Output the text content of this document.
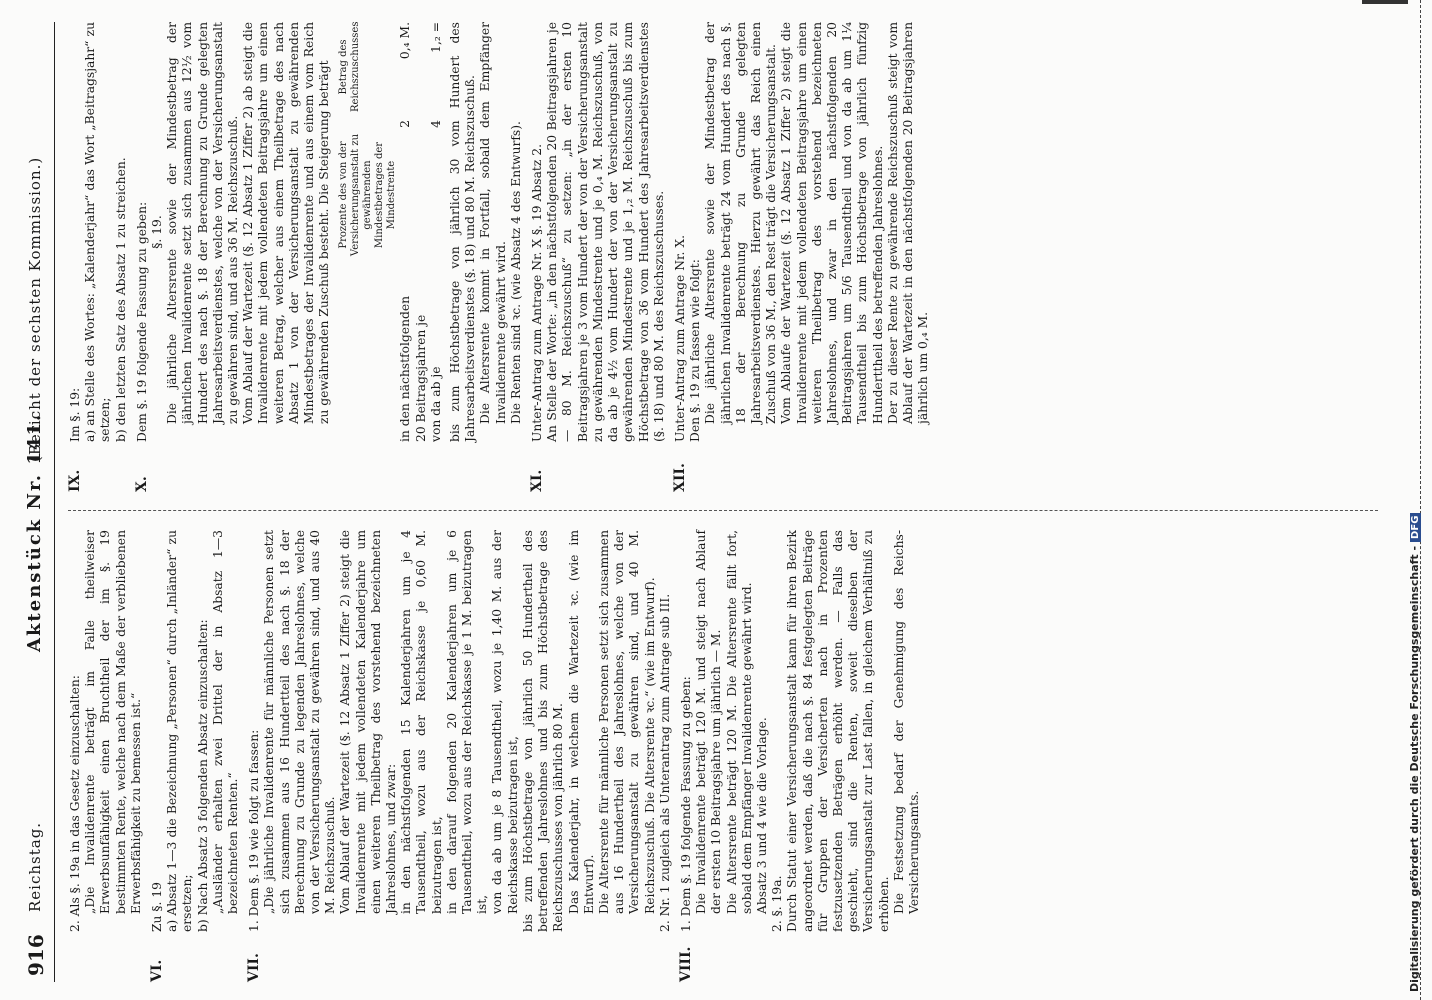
Digitalisierung gefördert durch die Deutsche Forschungsgemeinschaft -DFG
916
Reichstag.
Aktenstück Nr. 141.
(Bericht der sechsten Kommission.)
2. Als §. 19a in das Gesetz einzuschalten: „Die Invalidenrente beträgt im Falle theilweiser Erwerbsunfähigkeit einen Bruchtheil der im §. 19 bestimmten Rente, welche nach dem Maße der verbliebenen Erwerbsfähigkeit zu bemessen ist.“
VI.
Zu §. 19 a) Absatz 1—3 die Bezeichnung „Personen“ durch „Inländer“ zu ersetzen; b) Nach Absatz 3 folgenden Absatz einzuschalten: „Ausländer erhalten zwei Drittel der in Absatz 1—3 bezeichneten Renten.“
VII.
1. Dem §. 19 wie folgt zu fassen: „Die jährliche Invalidenrente für männliche Personen setzt sich zusammen aus 16 Hundertteil des nach §. 18 der Berechnung zu Grunde zu legenden Jahreslohnes, welche von der Versicherungsanstalt zu gewähren sind, und aus 40 M. Reichszuschuß. Vom Ablauf der Wartezeit (§. 12 Absatz 1 Ziffer 2) steigt die Invalidenrente mit jedem vollendeten Kalenderjahre um einen weiteren Theilbetrag des vorstehend bezeichneten Jahreslohnes, und zwar: in den nächstfolgenden 15 Kalenderjahren um je 4 Tausendtheil, wozu aus der Reichskasse je 0,60 M. beizutragen ist, in den darauf folgenden 20 Kalenderjahren um je 6 Tausendtheil, wozu aus der Reichskasse je 1 M. beizutragen ist, von da ab um je 8 Tausendtheil, wozu je 1,40 M. aus der Reichskasse beizutragen ist, bis zum Höchstbetrage von jährlich 50 Hundertheil des betreffenden Jahreslohnes und bis zum Höchstbetrage des Reichszuschusses von jährlich 80 M. Das Kalenderjahr, in welchem die Wartezeit ꝛc. (wie im Entwurf). Die Altersrente für männliche Personen setzt sich zusammen aus 16 Hundertheil des Jahreslohnes, welche von der Versicherungsanstalt zu gewähren sind, und 40 M. Reichszuschuß. Die Altersrente ꝛc.“ (wie im Entwurf). 2. Nr. 1 zugleich als Unterantrag zum Antrage sub III.
VIII.
1. Dem §. 19 folgende Fassung zu geben: Die Invalidenrente beträgt 120 M. und steigt nach Ablauf der ersten 10 Beitragsjahre um jährlich — M. Die Altersrente beträgt 120 M. Die Altersrente fällt fort, sobald dem Empfänger Invalidenrente gewährt wird. Absatz 3 und 4 wie die Vorlage. 2. §. 19a. Durch Statut einer Versicherungsanstalt kann für ihren Bezirk angeordnet werden, daß die nach §. 84 festgelegten Beiträge für Gruppen der Versicherten nach in Prozenten festzusetzenden Beträgen erhöht werden. — Falls das geschieht, sind die Renten, soweit dieselben der Versicherungsanstalt zur Last fallen, in gleichem Verhältniß zu erhöhen. Die Festsetzung bedarf der Genehmigung des Reichs-Versicherungsamts.
IX.
Im §. 19: a) an Stelle des Wortes: „Kalenderjahr“ das Wort „Beitragsjahr“ zu setzen; b) den letzten Satz des Absatz 1 zu streichen.
X.
Dem §. 19 folgende Fassung zu geben: §. 19. Die jährliche Altersrente sowie der Mindestbetrag der jährlichen Invalidenrente setzt sich zusammen aus 12½ vom Hundert des nach §. 18 der Berechnung zu Grunde gelegten Jahresarbeitsverdienstes, welche von der Versicherungsanstalt zu gewähren sind, und aus 36 M. Reichszuschuß. Vom Ablauf der Wartezeit (§. 12 Absatz 1 Ziffer 2) ab steigt die Invalidenrente mit jedem vollendeten Beitragsjahre um einen weiteren Betrag, welcher aus einem Theilbetrage des nach Absatz 1 von der Versicherungsanstalt zu gewährenden Mindestbetrages der Invalidenrente und aus einem vom Reich zu gewährenden Zuschuß besteht. Die Steigerung beträgt Prozente des von der Versicherungsanstalt zu gewährenden Mindestbetrages der Mindestrente
Betrag des Reichszuschusses
in den nächstfolgenden 20 Beitragsjahren je
2
0,₄ M.
von da ab je
4
1,₂ = bis zum Höchstbetrage von jährlich 30 vom Hundert des Jahresarbeitsverdienstes (§. 18) und 80 M. Reichszuschuß. Die Altersrente kommt in Fortfall, sobald dem Empfänger Invalidenrente gewährt wird. Die Renten sind ꝛc. (wie Absatz 4 des Entwurfs).
XI.
Unter-Antrag zum Antrage Nr. X §. 19 Absatz 2. An Stelle der Worte: „in den nächstfolgenden 20 Beitragsjahren je — 80 M. Reichszuschuß“ zu setzen: „in der ersten 10 Beitragsjahren je 3 vom Hundert der von der Versicherungsanstalt zu gewährenden Mindestrente und je 0,₄ M. Reichszuschuß, von da ab je 4½ vom Hundert der von der Versicherungsanstalt zu gewährenden Mindestrente und je 1,₂ M. Reichszuschuß bis zum Höchstbetrage von 36 vom Hundert des Jahresarbeitsverdienstes (§. 18) und 80 M. des Reichszuschusses.
XII.
Unter-Antrag zum Antrage Nr. X. Den §. 19 zu fassen wie folgt: Die jährliche Altersrente sowie der Mindestbetrag der jährlichen Invalidenrente beträgt 24 vom Hundert des nach §. 18 der Berechnung zu Grunde gelegten Jahresarbeitsverdienstes. Hierzu gewährt das Reich einen Zuschuß von 36 M., den Rest trägt die Versicherungsanstalt. Vom Ablaufe der Wartezeit (§. 12 Absatz 1 Ziffer 2) steigt die Invalidenrente mit jedem vollendeten Beitragsjahre um einen weiteren Theilbetrag des vorstehend bezeichneten Jahreslohnes, und zwar in den nächstfolgenden 20 Beitragsjahren um 5/6 Tausendtheil und von da ab um 1¼ Tausendtheil bis zum Höchstbetrage von jährlich fünfzig Hunderttheil des betreffenden Jahreslohnes. Der zu dieser Rente zu gewährende Reichszuschuß steigt vom Ablauf der Wartezeit in den nächstfolgenden 20 Beitragsjahren jährlich um 0,₄ M.
